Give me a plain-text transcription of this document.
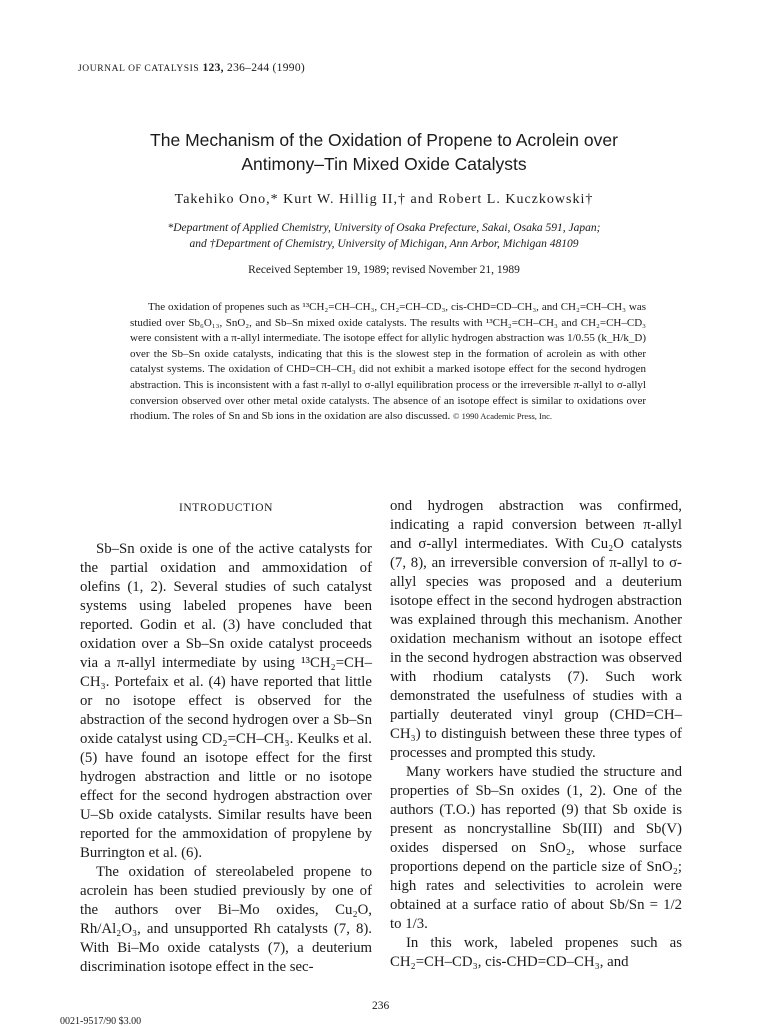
JOURNAL OF CATALYSIS 123, 236–244 (1990)
The Mechanism of the Oxidation of Propene to Acrolein over
Antimony–Tin Mixed Oxide Catalysts
Takehiko Ono,* Kurt W. Hillig II,† and Robert L. Kuczkowski†
*Department of Applied Chemistry, University of Osaka Prefecture, Sakai, Osaka 591, Japan;
and †Department of Chemistry, University of Michigan, Ann Arbor, Michigan 48109
Received September 19, 1989; revised November 21, 1989
The oxidation of propenes such as ¹³CH₂=CH–CH₃, CH₂=CH–CD₃, cis-CHD=CD–CH₃, and CH₂=CH–CH₃ was studied over Sb₆O₁₃, SnO₂, and Sb–Sn mixed oxide catalysts. The results with ¹³CH₂=CH–CH₃ and CH₂=CH–CD₃ were consistent with a π-allyl intermediate. The isotope effect for allylic hydrogen abstraction was 1/0.55 (k_H/k_D) over the Sb–Sn oxide catalysts, indicating that this is the slowest step in the formation of acrolein as with other catalyst systems. The oxidation of CHD=CH–CH₃ did not exhibit a marked isotope effect for the second hydrogen abstraction. This is inconsistent with a fast π-allyl to σ-allyl equilibration process or the irreversible π-allyl to σ-allyl conversion observed over other metal oxide catalysts. The absence of an isotope effect is similar to oxidations over rhodium. The roles of Sn and Sb ions in the oxidation are also discussed. © 1990 Academic Press, Inc.
INTRODUCTION

Sb–Sn oxide is one of the active catalysts for the partial oxidation and ammoxidation of olefins (1, 2). Several studies of such catalyst systems using labeled propenes have been reported. Godin et al. (3) have concluded that oxidation over a Sb–Sn oxide catalyst proceeds via a π-allyl intermediate by using ¹³CH₂=CH–CH₃. Portefaix et al. (4) have reported that little or no isotope effect is observed for the abstraction of the second hydrogen over a Sb–Sn oxide catalyst using CD₂=CH–CH₃. Keulks et al. (5) have found an isotope effect for the first hydrogen abstraction and little or no isotope effect for the second hydrogen abstraction over U–Sb oxide catalysts. Similar results have been reported for the ammoxidation of propylene by Burrington et al. (6).

The oxidation of stereolabeled propene to acrolein has been studied previously by one of the authors over Bi–Mo oxides, Cu₂O, Rh/Al₂O₃, and unsupported Rh catalysts (7, 8). With Bi–Mo oxide catalysts (7), a deuterium discrimination isotope effect in the sec-

ond hydrogen abstraction was confirmed, indicating a rapid conversion between π-allyl and σ-allyl intermediates. With Cu₂O catalysts (7, 8), an irreversible conversion of π-allyl to σ-allyl species was proposed and a deuterium isotope effect in the second hydrogen abstraction was explained through this mechanism. Another oxidation mechanism without an isotope effect in the second hydrogen abstraction was observed with rhodium catalysts (7). Such work demonstrated the usefulness of studies with a partially deuterated vinyl group (CHD=CH–CH₃) to distinguish between these three types of processes and prompted this study.

Many workers have studied the structure and properties of Sb–Sn oxides (1, 2). One of the authors (T.O.) has reported (9) that Sb oxide is present as noncrystalline Sb(III) and Sb(V) oxides dispersed on SnO₂, whose surface proportions depend on the particle size of SnO₂; high rates and selectivities to acrolein were obtained at a surface ratio of about Sb/Sn = 1/2 to 1/3.

In this work, labeled propenes such as CH₂=CH–CD₃, cis-CHD=CD–CH₃, and

236
0021-9517/90 $3.00
